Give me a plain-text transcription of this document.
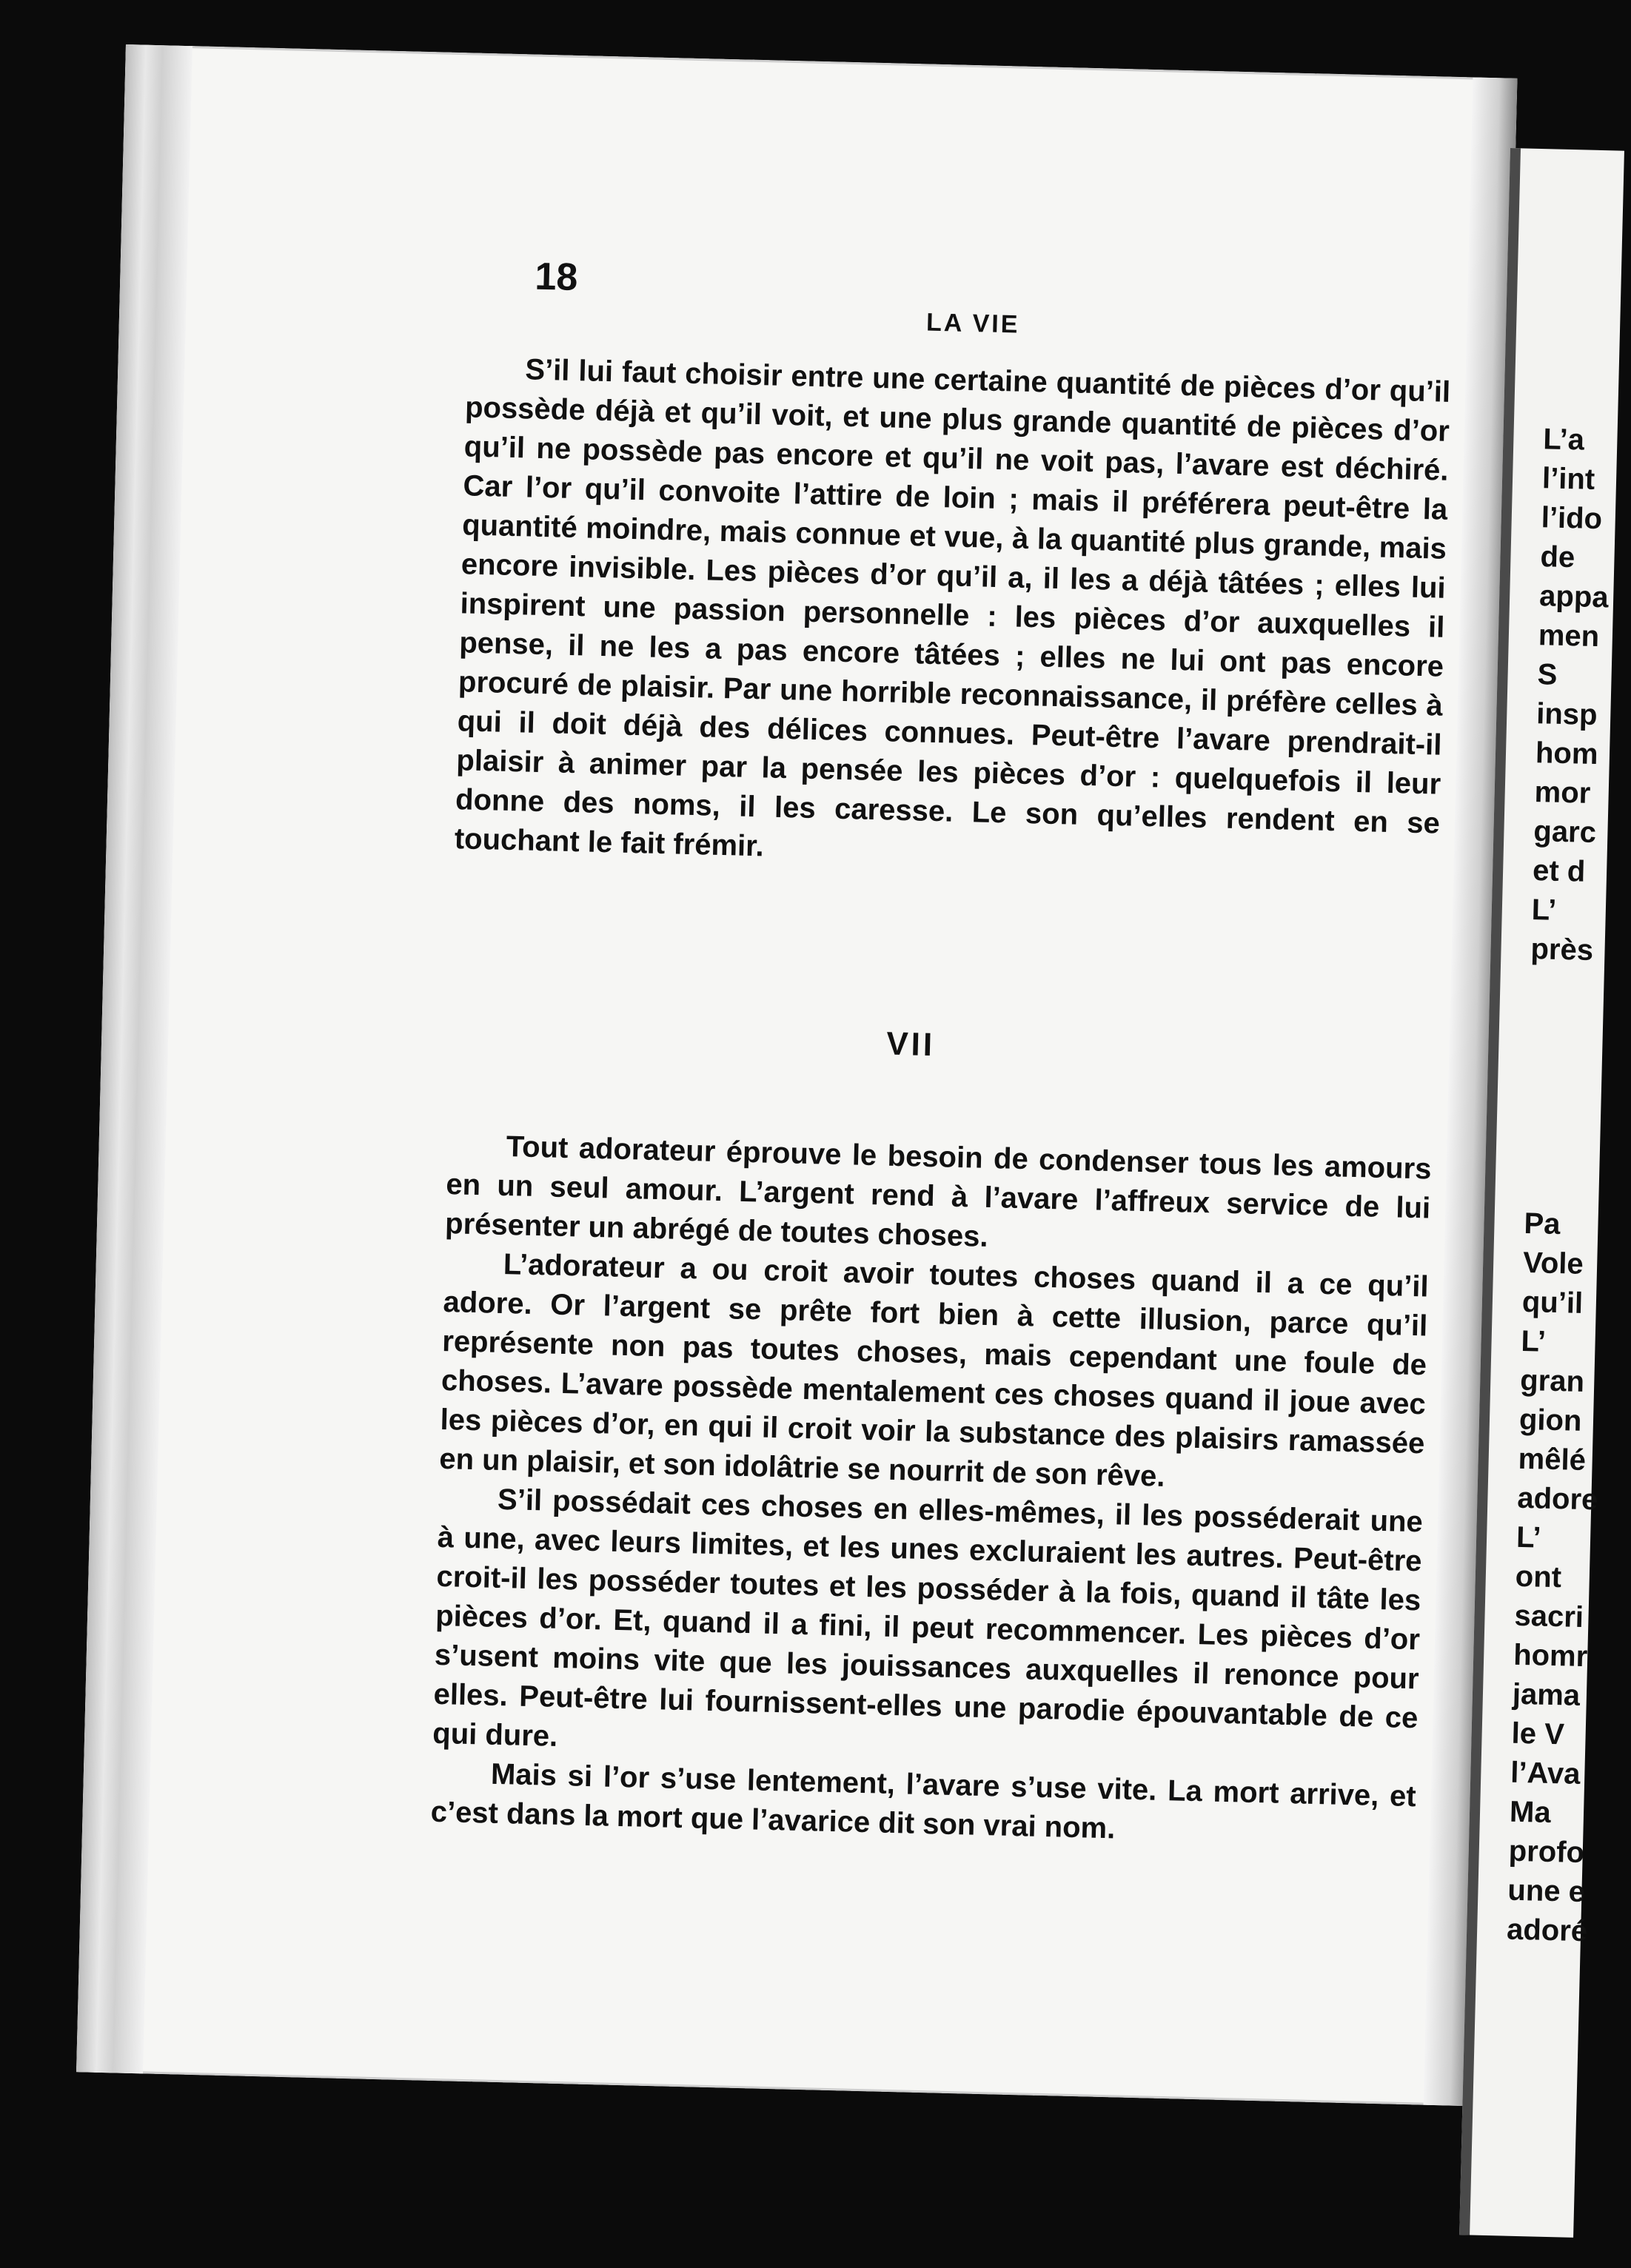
18
LA VIE

S’il lui faut choisir entre une certaine quantité de pièces d’or qu’il possède déjà et qu’il voit, et une plus grande quantité de pièces d’or qu’il ne possède pas encore et qu’il ne voit pas, l’avare est déchiré. Car l’or qu’il convoite l’attire de loin ; mais il préférera peut-être la quantité moindre, mais connue et vue, à la quantité plus grande, mais encore invisible. Les pièces d’or qu’il a, il les a déjà tâtées ; elles lui inspirent une passion personnelle : les pièces d’or auxquelles il pense, il ne les a pas encore tâtées ; elles ne lui ont pas encore procuré de plaisir. Par une horrible reconnaissance, il préfère celles à qui il doit déjà des délices connues. Peut-être l’avare prendrait-il plaisir à animer par la pensée les pièces d’or : quelquefois il leur donne des noms, il les caresse. Le son qu’elles rendent en se touchant le fait frémir.

VII

Tout adorateur éprouve le besoin de condenser tous les amours en un seul amour. L’argent rend à l’avare l’affreux service de lui présenter un abrégé de toutes choses.

L’adorateur a ou croit avoir toutes choses quand il a ce qu’il adore. Or l’argent se prête fort bien à cette illusion, parce qu’il représente non pas toutes choses, mais cependant une foule de choses. L’avare possède mentalement ces choses quand il joue avec les pièces d’or, en qui il croit voir la substance des plaisirs ramassée en un plaisir, et son idolâtrie se nourrit de son rêve.

S’il possédait ces choses en elles-mêmes, il les posséderait une à une, avec leurs limites, et les unes excluraient les autres. Peut-être croit-il les posséder toutes et les posséder à la fois, quand il tâte les pièces d’or. Et, quand il a fini, il peut recommencer. Les pièces d’or s’usent moins vite que les jouissances auxquelles il renonce pour elles. Peut-être lui fournissent-elles une parodie épouvantable de ce qui dure.

Mais si l’or s’use lentement, l’avare s’use vite. La mort arrive, et c’est dans la mort que l’avarice dit son vrai nom.

L’a
l’int
l’ido
de
appa
men
S
insp
hom
mor
garc
et d
L’
près
Pa
Vole
qu’il
L’
gran
gion
mêlé
adore
L’
ont
sacri
homr
jama
le V
l’Ava
Ma
profo
une e
adoré
